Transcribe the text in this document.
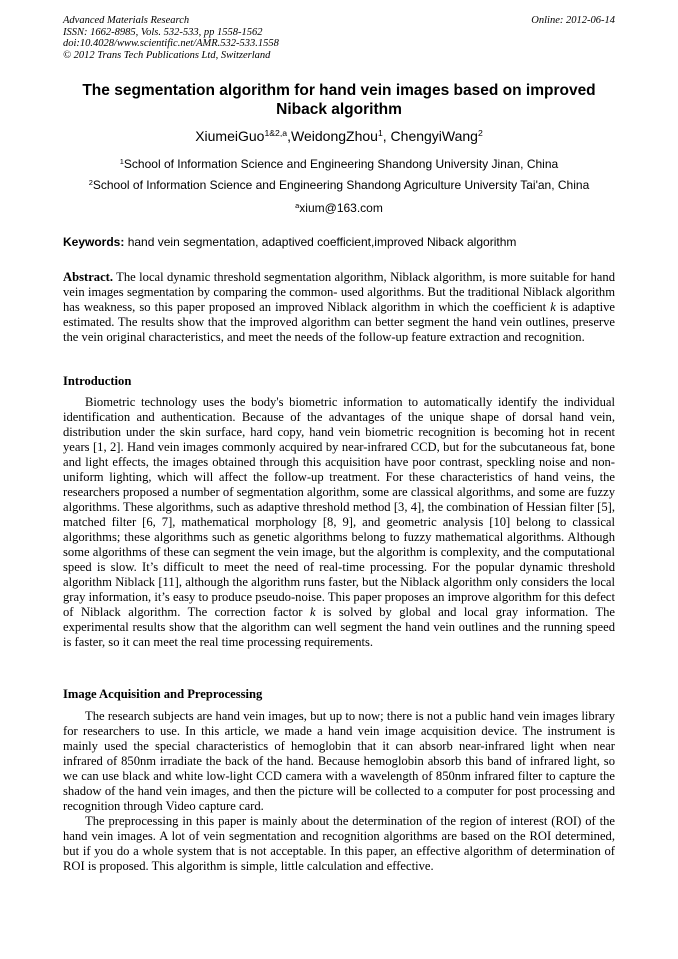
Advanced Materials Research
ISSN: 1662-8985, Vols. 532-533, pp 1558-1562
doi:10.4028/www.scientific.net/AMR.532-533.1558
© 2012 Trans Tech Publications Ltd, Switzerland
Online: 2012-06-14
The segmentation algorithm for hand vein images based on improved Niback algorithm
XiumeiGuo$^{1\&2,a}$,WeidongZhou$^1$, ChengyiWang$^2$
$^1$School of Information Science and Engineering Shandong University Jinan, China
$^2$School of Information Science and Engineering Shandong Agriculture University Tai'an, China
$^a$xium@163.com
Keywords: hand vein segmentation, adaptived coefficient,improved Niback algorithm

Abstract. The local dynamic threshold segmentation algorithm, Niblack algorithm, is more suitable for hand vein images segmentation by comparing the common- used algorithms. But the traditional Niblack algorithm has weakness, so this paper proposed an improved Niblack algorithm in which the coefficient k is adaptive estimated. The results show that the improved algorithm can better segment the hand vein outlines, preserve the vein original characteristics, and meet the needs of the follow-up feature extraction and recognition.

Introduction

Biometric technology uses the body's biometric information to automatically identify the individual identification and authentication. Because of the advantages of the unique shape of dorsal hand vein, distribution under the skin surface, hard copy, hand vein biometric recognition is becoming hot in recent years [1, 2]. Hand vein images commonly acquired by near-infrared CCD, but for the subcutaneous fat, bone and light effects, the images obtained through this acquisition have poor contrast, speckling noise and non-uniform lighting, which will affect the follow-up treatment. For these characteristics of hand veins, the researchers proposed a number of segmentation algorithm, some are classical algorithms, and some are fuzzy algorithms. These algorithms, such as adaptive threshold method [3, 4], the combination of Hessian filter [5], matched filter [6, 7], mathematical morphology [8, 9], and geometric analysis [10] belong to classical algorithms; these algorithms such as genetic algorithms belong to fuzzy mathematical algorithms. Although some algorithms of these can segment the vein image, but the algorithm is complexity, and the computational speed is slow. It’s difficult to meet the need of real-time processing. For the popular dynamic threshold algorithm Niblack [11], although the algorithm runs faster, but the Niblack algorithm only considers the local gray information, it’s easy to produce pseudo-noise. This paper proposes an improve algorithm for this defect of Niblack algorithm. The correction factor k is solved by global and local gray information. The experimental results show that the algorithm can well segment the hand vein outlines and the running speed is faster, so it can meet the real time processing requirements.

Image Acquisition and Preprocessing

The research subjects are hand vein images, but up to now; there is not a public hand vein images library for researchers to use. In this article, we made a hand vein image acquisition device. The instrument is mainly used the special characteristics of hemoglobin that it can absorb near-infrared light when near infrared of 850nm irradiate the back of the hand. Because hemoglobin absorb this band of infrared light, so we can use black and white low-light CCD camera with a wavelength of 850nm infrared filter to capture the shadow of the hand vein images, and then the picture will be collected to a computer for post processing and recognition through Video capture card.

The preprocessing in this paper is mainly about the determination of the region of interest (ROI) of the hand vein images. A lot of vein segmentation and recognition algorithms are based on the ROI determined, but if you do a whole system that is not acceptable. In this paper, an effective algorithm of determination of ROI is proposed. This algorithm is simple, little calculation and effective.
